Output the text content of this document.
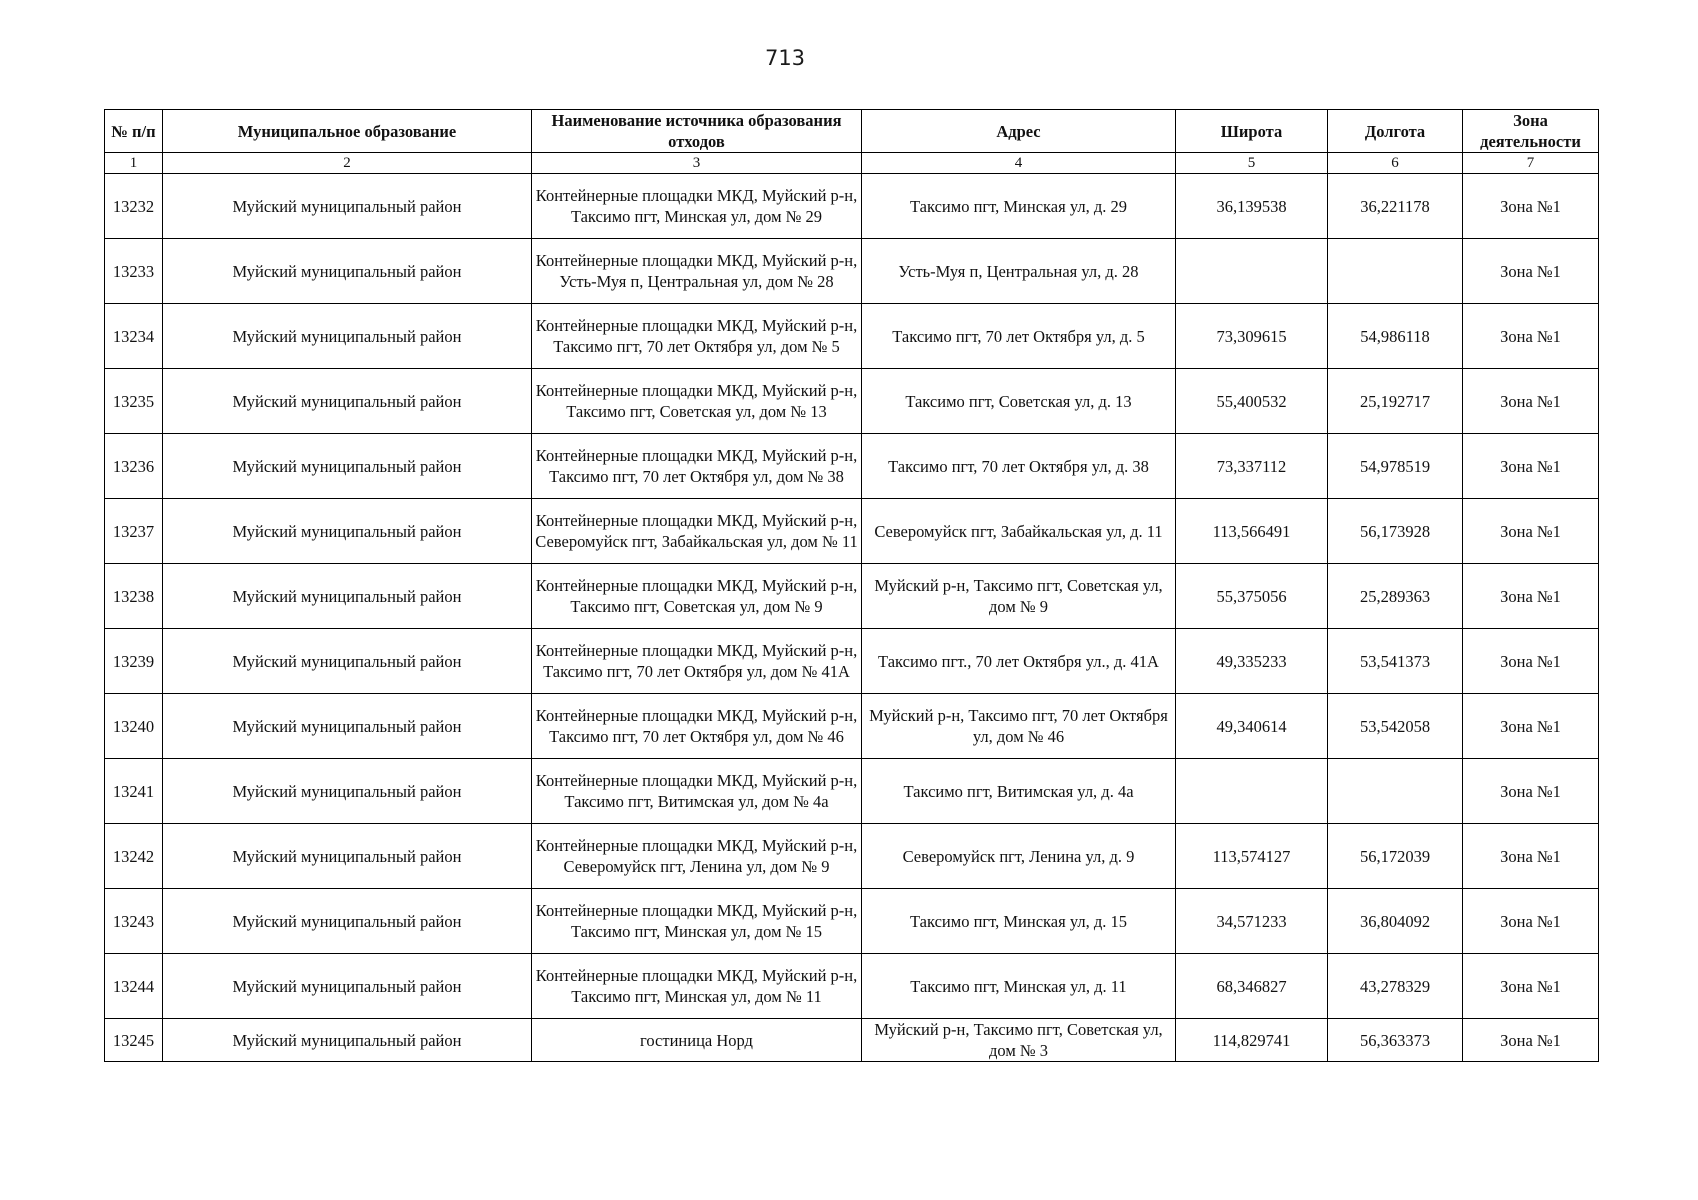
713
№ п/п	Муниципальное образование	Наименование источника образования отходов	Адрес	Широта	Долгота	Зона деятельности
1	2	3	4	5	6	7
13232	Муйский муниципальный район	Контейнерные площадки МКД, Муйский р-н, Таксимо пгт, Минская ул, дом № 29	Таксимо пгт, Минская ул, д. 29	36,139538	36,221178	Зона №1
13233	Муйский муниципальный район	Контейнерные площадки МКД, Муйский р-н, Усть-Муя п, Центральная ул, дом № 28	Усть-Муя п, Центральная ул, д. 28			Зона №1
13234	Муйский муниципальный район	Контейнерные площадки МКД, Муйский р-н, Таксимо пгт, 70 лет Октября ул, дом № 5	Таксимо пгт, 70 лет Октября ул, д. 5	73,309615	54,986118	Зона №1
13235	Муйский муниципальный район	Контейнерные площадки МКД, Муйский р-н, Таксимо пгт, Советская ул, дом № 13	Таксимо пгт, Советская ул, д. 13	55,400532	25,192717	Зона №1
13236	Муйский муниципальный район	Контейнерные площадки МКД, Муйский р-н, Таксимо пгт, 70 лет Октября ул, дом № 38	Таксимо пгт, 70 лет Октября ул, д. 38	73,337112	54,978519	Зона №1
13237	Муйский муниципальный район	Контейнерные площадки МКД, Муйский р-н, Северомуйск пгт, Забайкальская ул, дом № 11	Северомуйск пгт, Забайкальская ул, д. 11	113,566491	56,173928	Зона №1
13238	Муйский муниципальный район	Контейнерные площадки МКД, Муйский р-н, Таксимо пгт, Советская ул, дом № 9	Муйский р-н, Таксимо пгт, Советская ул, дом № 9	55,375056	25,289363	Зона №1
13239	Муйский муниципальный район	Контейнерные площадки МКД, Муйский р-н, Таксимо пгт, 70 лет Октября ул, дом № 41А	Таксимо пгт., 70 лет Октября ул., д. 41А	49,335233	53,541373	Зона №1
13240	Муйский муниципальный район	Контейнерные площадки МКД, Муйский р-н, Таксимо пгт, 70 лет Октября ул, дом № 46	Муйский р-н, Таксимо пгт, 70 лет Октября ул, дом № 46	49,340614	53,542058	Зона №1
13241	Муйский муниципальный район	Контейнерные площадки МКД, Муйский р-н, Таксимо пгт, Витимская ул, дом № 4а	Таксимо пгт, Витимская ул, д. 4а			Зона №1
13242	Муйский муниципальный район	Контейнерные площадки МКД, Муйский р-н, Северомуйск пгт, Ленина ул, дом № 9	Северомуйск пгт, Ленина ул, д. 9	113,574127	56,172039	Зона №1
13243	Муйский муниципальный район	Контейнерные площадки МКД, Муйский р-н, Таксимо пгт, Минская ул, дом № 15	Таксимо пгт, Минская ул, д. 15	34,571233	36,804092	Зона №1
13244	Муйский муниципальный район	Контейнерные площадки МКД, Муйский р-н, Таксимо пгт, Минская ул, дом № 11	Таксимо пгт, Минская ул, д. 11	68,346827	43,278329	Зона №1
13245	Муйский муниципальный район	гостиница Норд	Муйский р-н, Таксимо пгт, Советская ул, дом № 3	114,829741	56,363373	Зона №1
